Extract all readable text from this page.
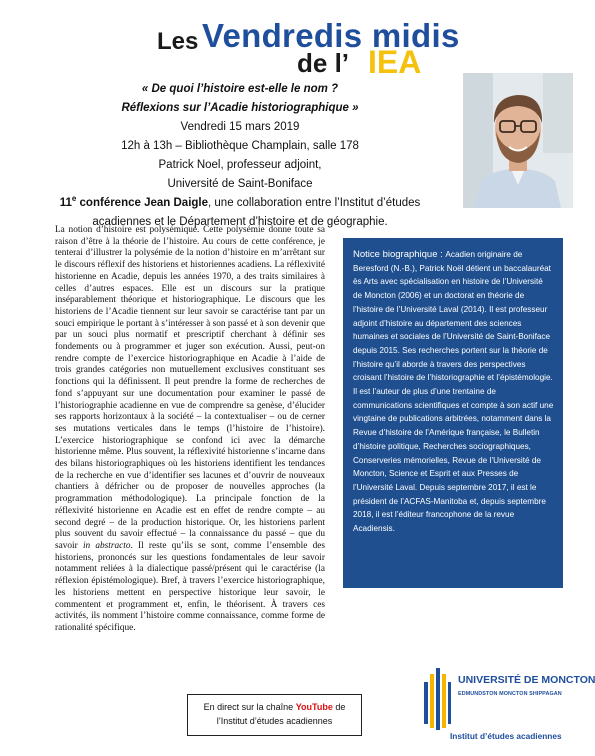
Les Vendredis midis
de l’ IEA
« De quoi l’histoire est-elle le nom ?
Réflexions sur l’Acadie historiographique »
Vendredi 15 mars 2019
12h à 13h – Bibliothèque Champlain, salle 178
Patrick Noel, professeur adjoint,
Université de Saint-Boniface
11e conférence Jean Daigle, une collaboration entre l’Institut d’études
acadiennes et le Département d’histoire et de géographie.

La notion d’histoire est polysémique. Cette polysémie donne toute sa raison d’être à la théorie de l’histoire. Au cours de cette conférence, je tenterai d’illustrer la polysémie de la notion d’histoire en m’arrêtant sur le discours réflexif des historiens et historiennes acadiens. La réflexivité historienne en Acadie, depuis les années 1970, a des traits similaires à celles d’autres espaces. Elle est un discours sur la pratique inséparablement théorique et historiographique. Le discours que les historiens de l’Acadie tiennent sur leur savoir se caractérise tant par un souci empirique le portant à s’intéresser à son passé et à son devenir que par un souci plus normatif et prescriptif cherchant à définir ses fondements ou à programmer et juger son exécution. Aussi, peut-on rendre compte de l’exercice historiographique en Acadie à l’aide de trois grandes catégories non mutuellement exclusives constituant ses fonctions qui la définissent. Il peut prendre la forme de recherches de fond s’appuyant sur une documentation pour examiner le passé de l’historiographie acadienne en vue de comprendre sa genèse, d’élucider ses rapports horizontaux à la société – la contextualiser – ou de cerner ses mutations verticales dans le temps (l’histoire de l’histoire). L’exercice historiographique se confond ici avec la démarche historienne même. Plus souvent, la réflexivité historienne s’incarne dans des bilans historiographiques où les historiens identifient les tendances de la recherche en vue d’identifier ses lacunes et d’ouvrir de nouveaux chantiers à défricher ou de proposer de nouvelles approches (la programmation méthodologique). La principale fonction de la réflexivité historienne en Acadie est en effet de rendre compte – au second degré – de la production historique. Or, les historiens parlent plus souvent du savoir effectué – la connaissance du passé – que du savoir in abstracto. Il reste qu’ils se sont, comme l’ensemble des historiens, prononcés sur les questions fondamentales de leur savoir notamment reliées à la dialectique passé/présent qui le caractérise (la réflexion épistémologique). Bref, à travers l’exercice historiographique, les historiens mettent en perspective historique leur savoir, le commentent et programment et, enfin, le théorisent. À travers ces activités, ils nomment l’histoire comme connaissance, comme forme de rationalité spécifique.

Notice biographique : Acadien originaire de Beresford (N.-B.), Patrick Noël détient un baccalauréat ès Arts avec spécialisation en histoire de l’Université de Moncton (2006) et un doctorat en théorie de l’histoire de l’Université Laval (2014). Il est professeur adjoint d’histoire au département des sciences humaines et sociales de l’Université de Saint-Boniface depuis 2015. Ses recherches portent sur la théorie de l’histoire qu’il aborde à travers des perspectives croisant l’histoire de l’historiographie et l’épistémologie. Il est l’auteur de plus d’une trentaine de communications scientifiques et compte à son actif une vingtaine de publications arbitrées, notamment dans la Revue d’histoire de l’Amérique française, le Bulletin d’histoire politique, Recherches sociographiques, Conserveries mémorielles, Revue de l’Université de Moncton, Science et Esprit et aux Presses de l’Université Laval. Depuis septembre 2017, il est le président de l’ACFAS-Manitoba et, depuis septembre 2018, il est l’éditeur francophone de la revue Acadiensis.
En direct sur la chaîne YouTube de
l’Institut d’études acadiennes
UNIVERSITÉ DE MONCTON
EDMUNDSTON MONCTON SHIPPAGAN
Institut d’études acadiennes
